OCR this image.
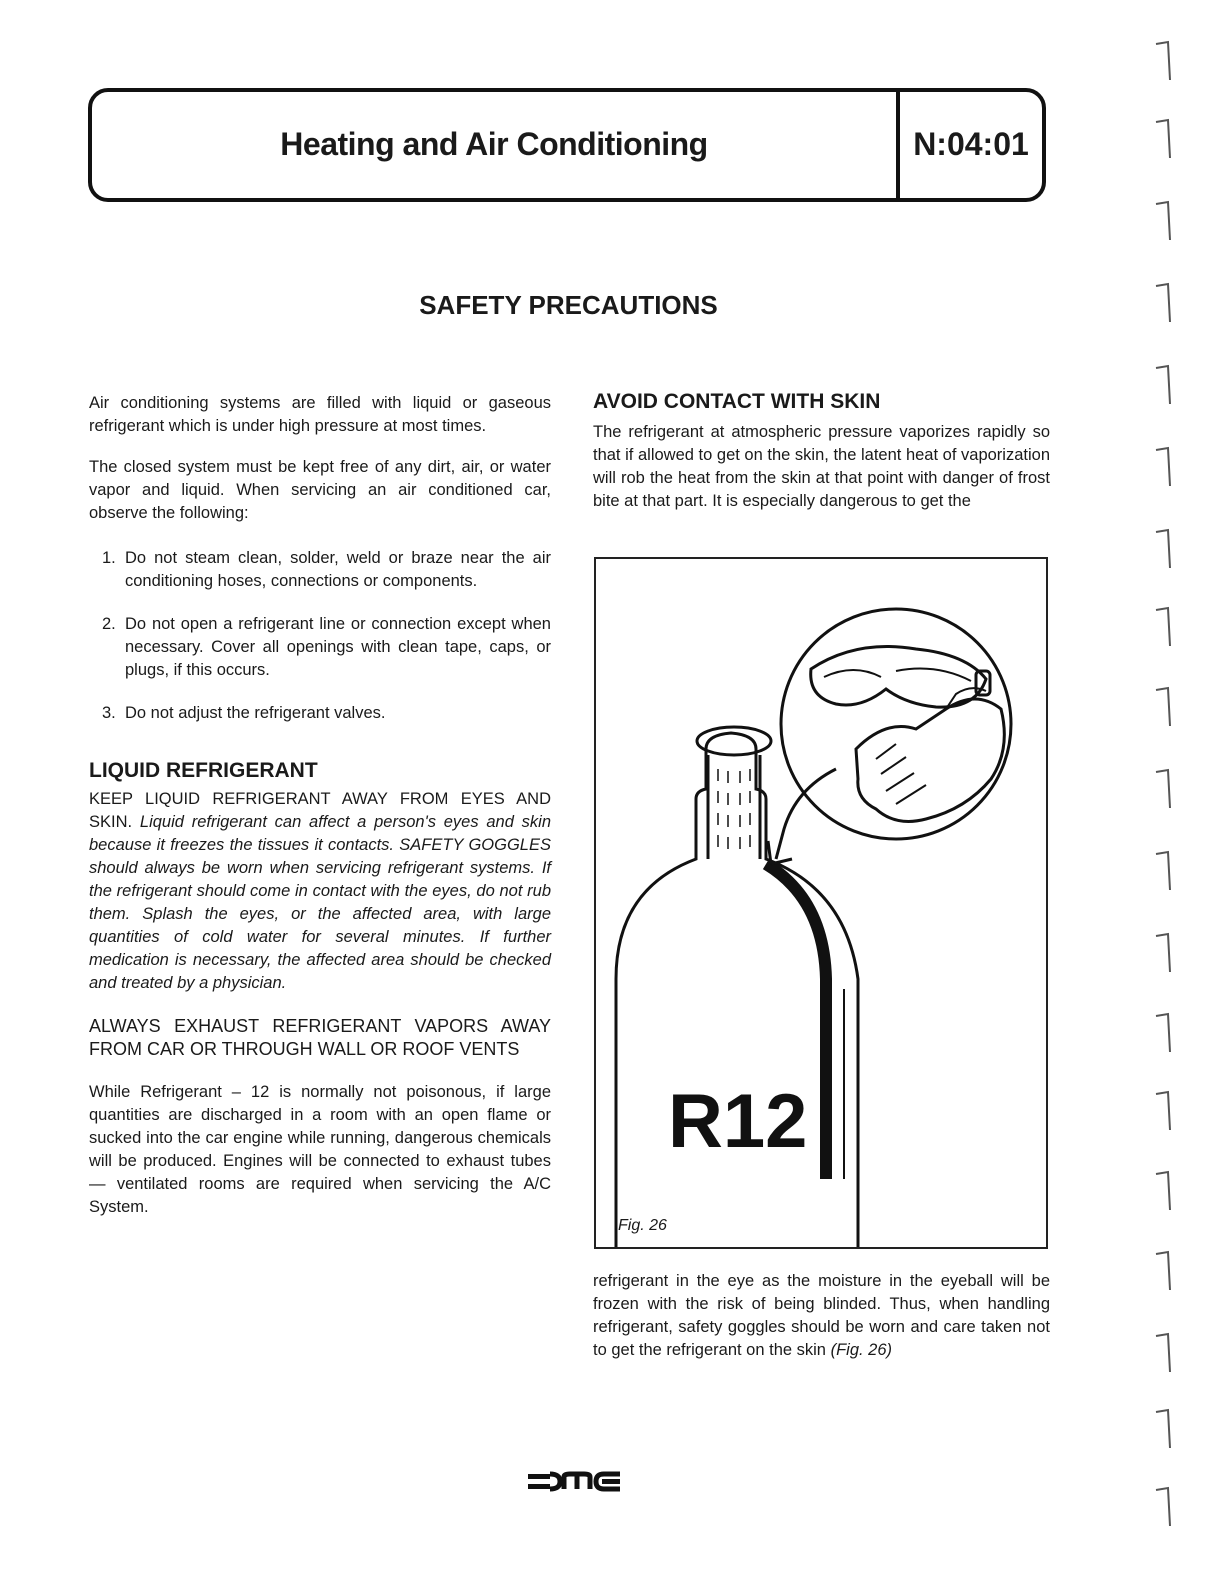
Heating and Air Conditioning	N:04:01
SAFETY PRECAUTIONS

Air conditioning systems are filled with liquid or gaseous refrigerant which is under high pressure at most times.

The closed system must be kept free of any dirt, air, or water vapor and liquid. When servicing an air conditioned car, observe the following:

1. Do not steam clean, solder, weld or braze near the air conditioning hoses, connections or components.
2. Do not open a refrigerant line or connection except when necessary. Cover all openings with clean tape, caps, or plugs, if this occurs.
3. Do not adjust the refrigerant valves.
LIQUID REFRIGERANT

KEEP LIQUID REFRIGERANT AWAY FROM EYES AND SKIN. Liquid refrigerant can affect a person's eyes and skin because it freezes the tissues it contacts. SAFETY GOGGLES should always be worn when servicing refrigerant systems. If the refrigerant should come in contact with the eyes, do not rub them. Splash the eyes, or the affected area, with large quantities of cold water for several minutes. If further medication is necessary, the affected area should be checked and treated by a physician.

ALWAYS EXHAUST REFRIGERANT VAPORS AWAY FROM CAR OR THROUGH WALL OR ROOF VENTS

While Refrigerant – 12 is normally not poisonous, if large quantities are discharged in a room with an open flame or sucked into the car engine while running, dangerous chemicals will be produced. Engines will be connected to exhaust tubes — ventilated rooms are required when servicing the A/C System.

AVOID CONTACT WITH SKIN

The refrigerant at atmospheric pressure vaporizes rapidly so that if allowed to get on the skin, the latent heat of vaporization will rob the heat from the skin at that point with danger of frost bite at that part. It is especially dangerous to get the

R12
Fig. 26

refrigerant in the eye as the moisture in the eyeball will be frozen with the risk of being blinded. Thus, when handling refrigerant, safety goggles should be worn and care taken not to get the refrigerant on the skin (Fig. 26)
